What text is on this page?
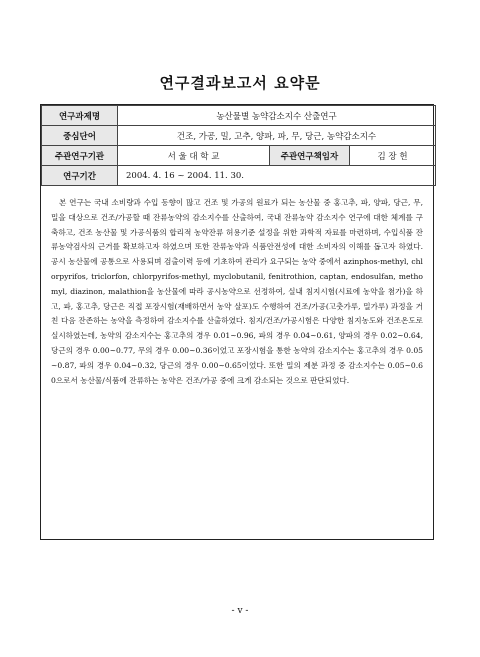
연구결과보고서 요약문
연구과제명	농산물별 농약감소지수 산출연구		
중심단어	건조, 가공, 밀, 고추, 양파, 파, 무, 당근, 농약감소지수		
주관연구기관	서 울 대 학 교	주관연구책임자	김 장 헌
연구기간	2004. 4. 16 ~ 2004. 11. 30.		
본 연구는 국내 소비량과 수입 동향이 많고 건조 및 가공의 원료가 되는 농산물 중 홍고추, 파, 양파, 당근, 무, 밀을 대상으로 건조/가공할 때 잔류농약의 감소지수를 산출하여, 국내 잔류농약 감소지수 연구에 대한 체계를 구축하고, 건조 농산물 및 가공식품의 합리적 농약잔류 허용기준 설정을 위한 과학적 자료를 마련하며, 수입식품 잔류농약검사의 근거를 확보하고자 하였으며 또한 잔류농약과 식품안전성에 대한 소비자의 이해를 돕고자 하였다. 공시 농산물에 공통으로 사용되며 검출이력 등에 기초하여 관리가 요구되는 농약 중에서 azinphos-methyl, chlorpyrifos, triclorfon, chlorpyrifos-methyl, myclobutanil, fenitrothion, captan, endosulfan, methomyl, diazinon, malathion을 농산물에 따라 공시농약으로 선정하여, 실내 침지시험(시료에 농약을 첨가)을 하고, 파, 홍고추, 당근은 직접 포장시험(재배하면서 농약 살포)도 수행하여 건조/가공(고춧가루, 밀가루) 과정을 거친 다음 잔존하는 농약을 측정하여 감소지수를 산출하였다. 침지/건조/가공시험은 다양한 침지농도와 건조온도로 실시하였는데, 농약의 감소지수는 홍고추의 경우 0.01~0.96, 파의 경우 0.04~0.61, 양파의 경우 0.02~0.64, 당근의 경우 0.00~0.77, 무의 경우 0.00~0.36이었고 포장시험을 통한 농약의 감소지수는 홍고추의 경우 0.05~0.87, 파의 경우 0.04~0.32, 당근의 경우 0.00~0.65이었다. 또한 밀의 제분 과정 중 감소지수는 0.05~0.60으로서 농산물/식품에 잔류하는 농약은 건조/가공 중에 크게 감소되는 것으로 판단되었다.
- v -
